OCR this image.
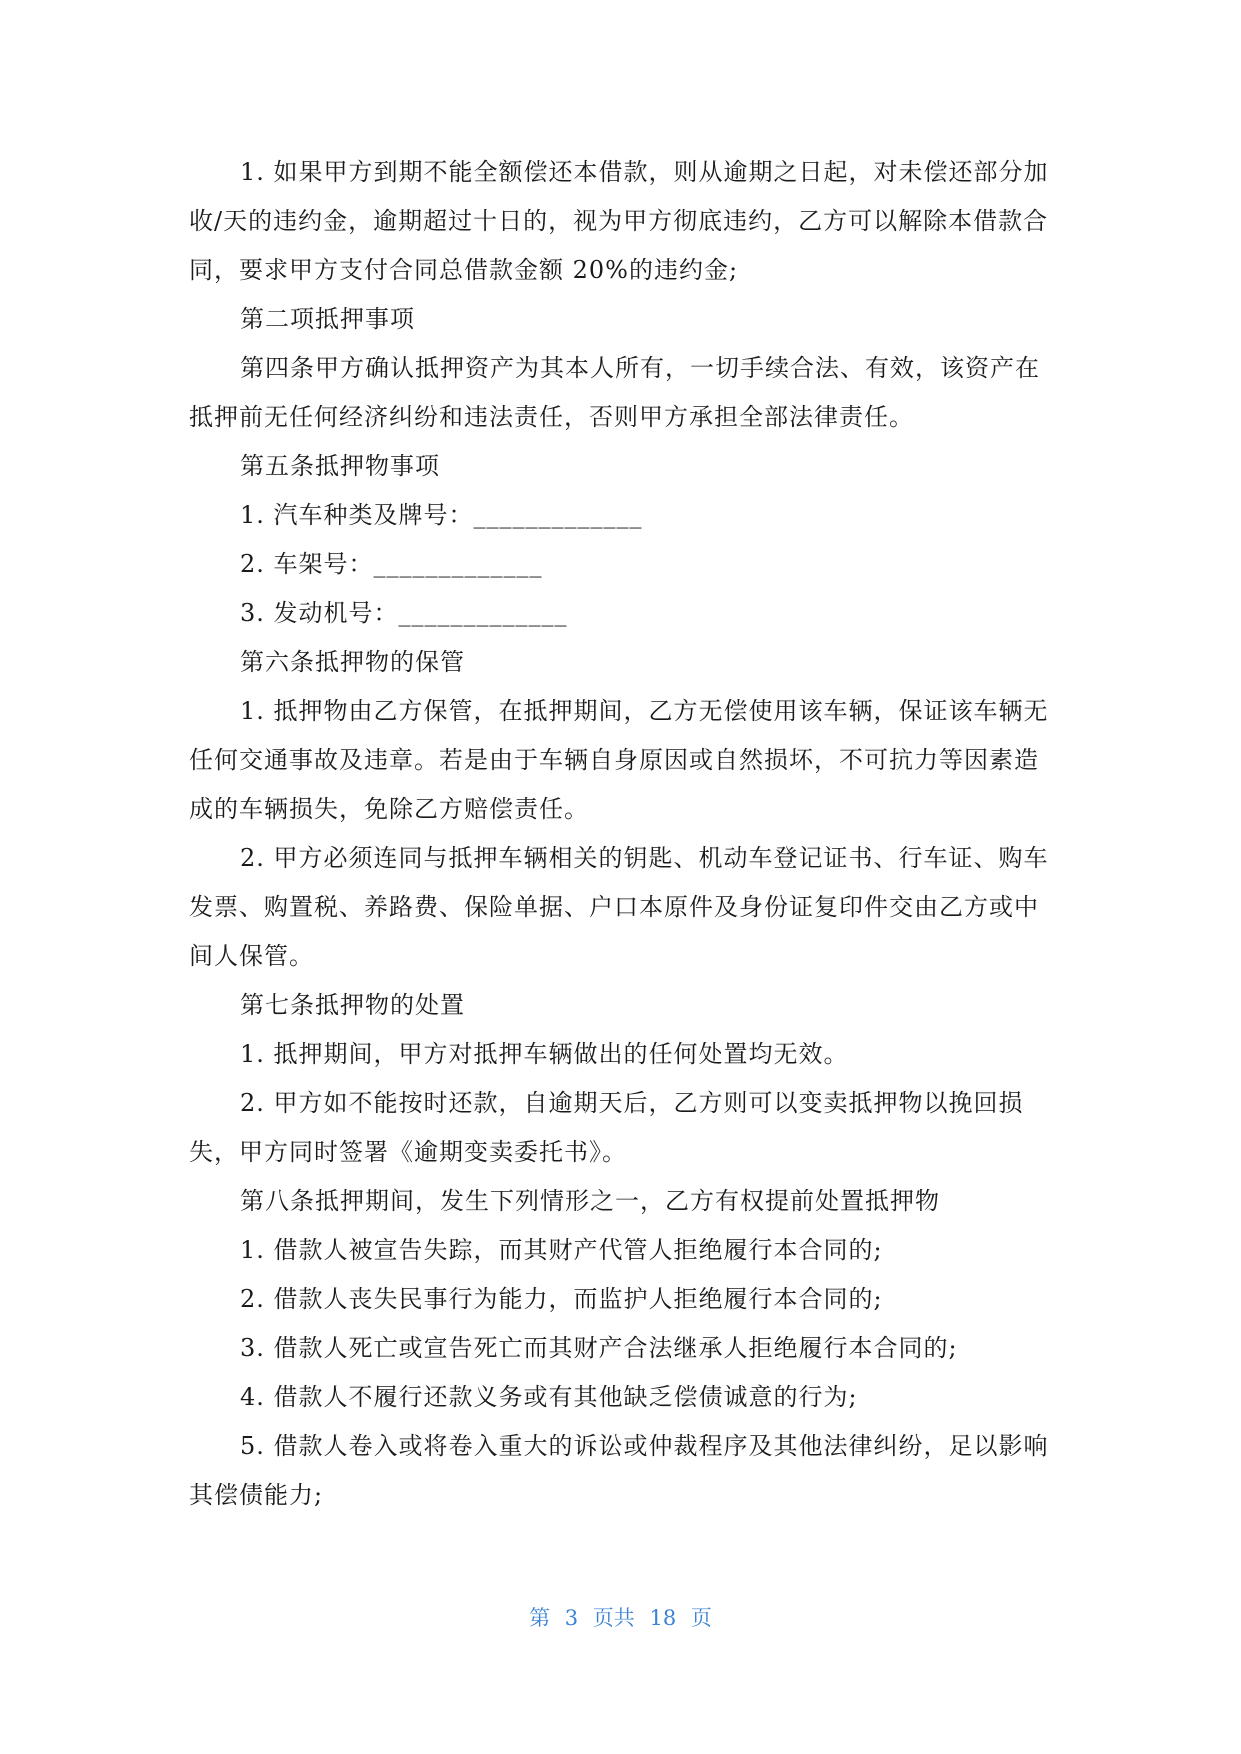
1. 如果甲方到期不能全额偿还本借款，则从逾期之日起，对未偿还部分加收/天的违约金，逾期超过十日的，视为甲方彻底违约，乙方可以解除本借款合同，要求甲方支付合同总借款金额 20%的违约金;

第二项抵押事项

第四条甲方确认抵押资产为其本人所有，一切手续合法、有效，该资产在抵押前无任何经济纠纷和违法责任，否则甲方承担全部法律责任。

第五条抵押物事项

1. 汽车种类及牌号：_____________

2. 车架号：_____________

3. 发动机号：_____________

第六条抵押物的保管

1. 抵押物由乙方保管，在抵押期间，乙方无偿使用该车辆，保证该车辆无任何交通事故及违章。若是由于车辆自身原因或自然损坏，不可抗力等因素造成的车辆损失，免除乙方赔偿责任。

2. 甲方必须连同与抵押车辆相关的钥匙、机动车登记证书、行车证、购车发票、购置税、养路费、保险单据、户口本原件及身份证复印件交由乙方或中间人保管。

第七条抵押物的处置

1. 抵押期间，甲方对抵押车辆做出的任何处置均无效。

2. 甲方如不能按时还款，自逾期天后，乙方则可以变卖抵押物以挽回损失，甲方同时签署《逾期变卖委托书》。

第八条抵押期间，发生下列情形之一，乙方有权提前处置抵押物

1. 借款人被宣告失踪，而其财产代管人拒绝履行本合同的;

2. 借款人丧失民事行为能力，而监护人拒绝履行本合同的;

3. 借款人死亡或宣告死亡而其财产合法继承人拒绝履行本合同的;

4. 借款人不履行还款义务或有其他缺乏偿债诚意的行为;

5. 借款人卷入或将卷入重大的诉讼或仲裁程序及其他法律纠纷，足以影响其偿债能力;

第 3 页共 18 页
